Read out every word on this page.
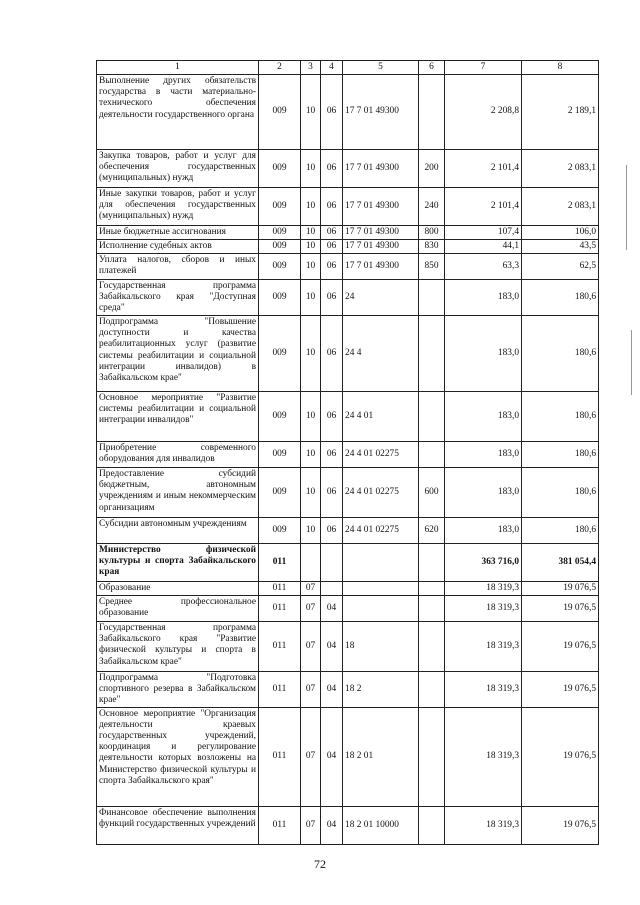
1	2	3	4	5	6	7	8
Выполнение других обязательств государства в части материально-технического обеспечения деятельности государственного органа	009	10	06	17 7 01 49300		2 208,8	2 189,1
Закупка товаров, работ и услуг для обеспечения государственных (муниципальных) нужд	009	10	06	17 7 01 49300	200	2 101,4	2 083,1
Иные закупки товаров, работ и услуг для обеспечения государственных (муниципальных) нужд	009	10	06	17 7 01 49300	240	2 101,4	2 083,1
Иные бюджетные ассигнования	009	10	06	17 7 01 49300	800	107,4	106,0
Исполнение судебных актов	009	10	06	17 7 01 49300	830	44,1	43,5
Уплата налогов, сборов и иных платежей	009	10	06	17 7 01 49300	850	63,3	62,5
Государственная программа Забайкальского края "Доступная среда"	009	10	06	24		183,0	180,6
Подпрограмма "Повышение доступности и качества реабилитационных услуг (развитие системы реабилитации и социальной интеграции инвалидов) в Забайкальском крае"	009	10	06	24 4		183,0	180,6
Основное мероприятие "Развитие системы реабилитации и социальной интеграции инвалидов"	009	10	06	24 4 01		183,0	180,6
Приобретение современного оборудования для инвалидов	009	10	06	24 4 01 02275		183,0	180,6
Предоставление субсидий бюджетным, автономным учреждениям и иным некоммерческим организациям	009	10	06	24 4 01 02275	600	183,0	180,6
Субсидии автономным учреждениям	009	10	06	24 4 01 02275	620	183,0	180,6
Министерство физической культуры и спорта Забайкальского края	011					363 716,0	381 054,4
Образование	011	07				18 319,3	19 076,5
Среднее профессиональное образование	011	07	04			18 319,3	19 076,5
Государственная программа Забайкальского края "Развитие физической культуры и спорта в Забайкальском крае"	011	07	04	18		18 319,3	19 076,5
Подпрограмма "Подготовка спортивного резерва в Забайкальском крае"	011	07	04	18 2		18 319,3	19 076,5
Основное мероприятие "Организация деятельности краевых государственных учреждений, координация и регулирование деятельности которых возложены на Министерство физической культуры и спорта Забайкальского края"	011	07	04	18 2 01		18 319,3	19 076,5
Финансовое обеспечение выполнения функций государственных учреждений	011	07	04	18 2 01 10000		18 319,3	19 076,5
72
